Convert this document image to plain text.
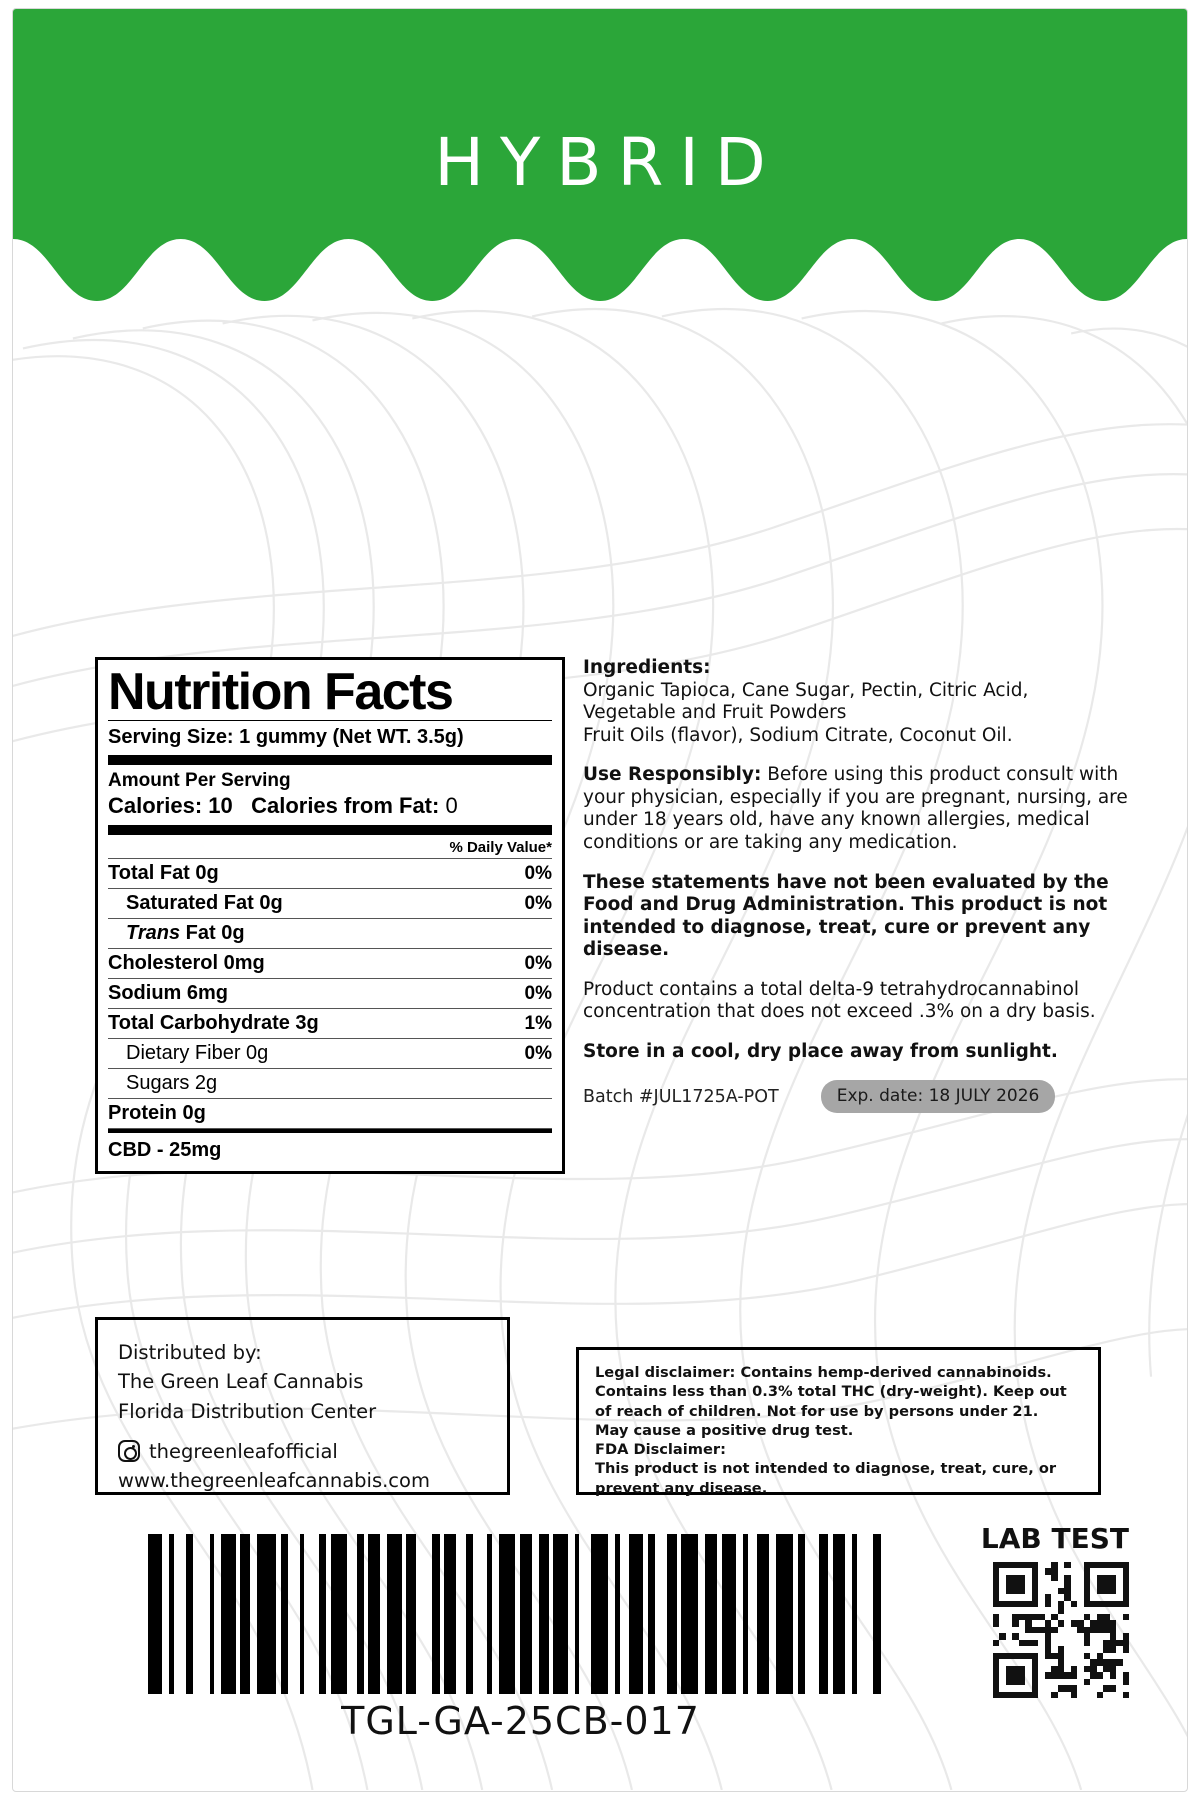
HYBRID
Nutrition Facts
Serving Size: 1 gummy (Net WT. 3.5g)
Amount Per Serving
Calories: 10 Calories from Fat: 0
% Daily Value*
Total Fat 0g	0%
Saturated Fat 0g	0%
Trans Fat 0g
Cholesterol 0mg	0%
Sodium 6mg	0%
Total Carbohydrate 3g	1%
Dietary Fiber 0g	0%
Sugars 2g
Protein 0g
CBD - 25mg
Ingredients:
Organic Tapioca, Cane Sugar, Pectin, Citric Acid,
Vegetable and Fruit Powders
Fruit Oils (flavor), Sodium Citrate, Coconut Oil.
Use Responsibly: Before using this product consult with your physician, especially if you are pregnant, nursing, are under 18 years old, have any known allergies, medical conditions or are taking any medication.
These statements have not been evaluated by the Food and Drug Administration. This product is not intended to diagnose, treat, cure or prevent any disease.
Product contains a total delta-9 tetrahydrocannabinol concentration that does not exceed .3% on a dry basis.
Store in a cool, dry place away from sunlight.
Batch #JUL1725A-POT	Exp. date: 18 JULY 2026
Distributed by:
The Green Leaf Cannabis
Florida Distribution Center
thegreenleafofficial
www.thegreenleafcannabis.com
Legal disclaimer: Contains hemp-derived cannabinoids. Contains less than 0.3% total THC (dry-weight). Keep out of reach of children. Not for use by persons under 21.
May cause a positive drug test.
FDA Disclaimer:
This product is not intended to diagnose, treat, cure, or prevent any disease.
TGL-GA-25CB-017
LAB TEST
